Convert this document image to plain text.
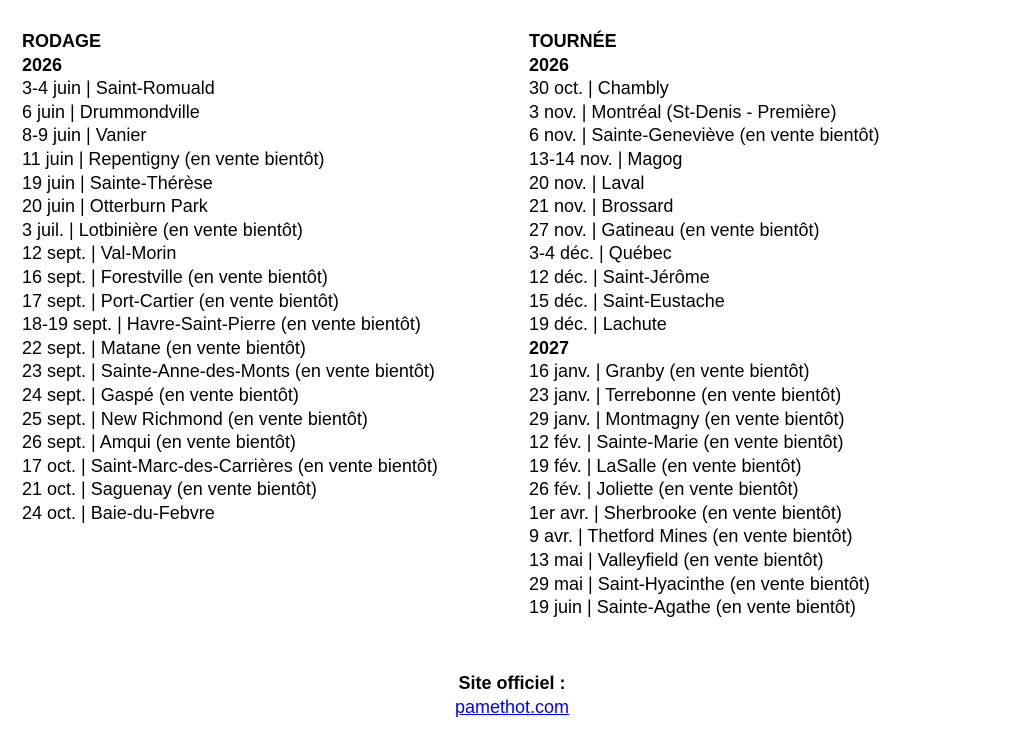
RODAGE
2026
3-4 juin | Saint-Romuald
6 juin | Drummondville
8-9 juin | Vanier
11 juin | Repentigny (en vente bientôt)
19 juin | Sainte-Thérèse
20 juin | Otterburn Park
3 juil. | Lotbinière (en vente bientôt)
12 sept. | Val-Morin
16 sept. | Forestville (en vente bientôt)
17 sept. | Port-Cartier (en vente bientôt)
18-19 sept. | Havre-Saint-Pierre (en vente bientôt)
22 sept. | Matane (en vente bientôt)
23 sept. | Sainte-Anne-des-Monts (en vente bientôt)
24 sept. | Gaspé (en vente bientôt)
25 sept. | New Richmond (en vente bientôt)
26 sept. | Amqui (en vente bientôt)
17 oct. | Saint-Marc-des-Carrières (en vente bientôt)
21 oct. | Saguenay (en vente bientôt)
24 oct. | Baie-du-Febvre
TOURNÉE
2026
30 oct. | Chambly
3 nov. | Montréal (St-Denis - Première)
6 nov. | Sainte-Geneviève (en vente bientôt)
13-14 nov. | Magog
20 nov. | Laval
21 nov. | Brossard
27 nov. | Gatineau (en vente bientôt)
3-4 déc. | Québec
12 déc. | Saint-Jérôme
15 déc. | Saint-Eustache
19 déc. | Lachute
2027
16 janv. | Granby (en vente bientôt)
23 janv. | Terrebonne (en vente bientôt)
29 janv. | Montmagny (en vente bientôt)
12 fév. | Sainte-Marie (en vente bientôt)
19 fév. | LaSalle (en vente bientôt)
26 fév. | Joliette (en vente bientôt)
1er avr. | Sherbrooke (en vente bientôt)
9 avr. | Thetford Mines (en vente bientôt)
13 mai | Valleyfield (en vente bientôt)
29 mai | Saint-Hyacinthe (en vente bientôt)
19 juin | Sainte-Agathe (en vente bientôt)
Site officiel :
pamethot.com
